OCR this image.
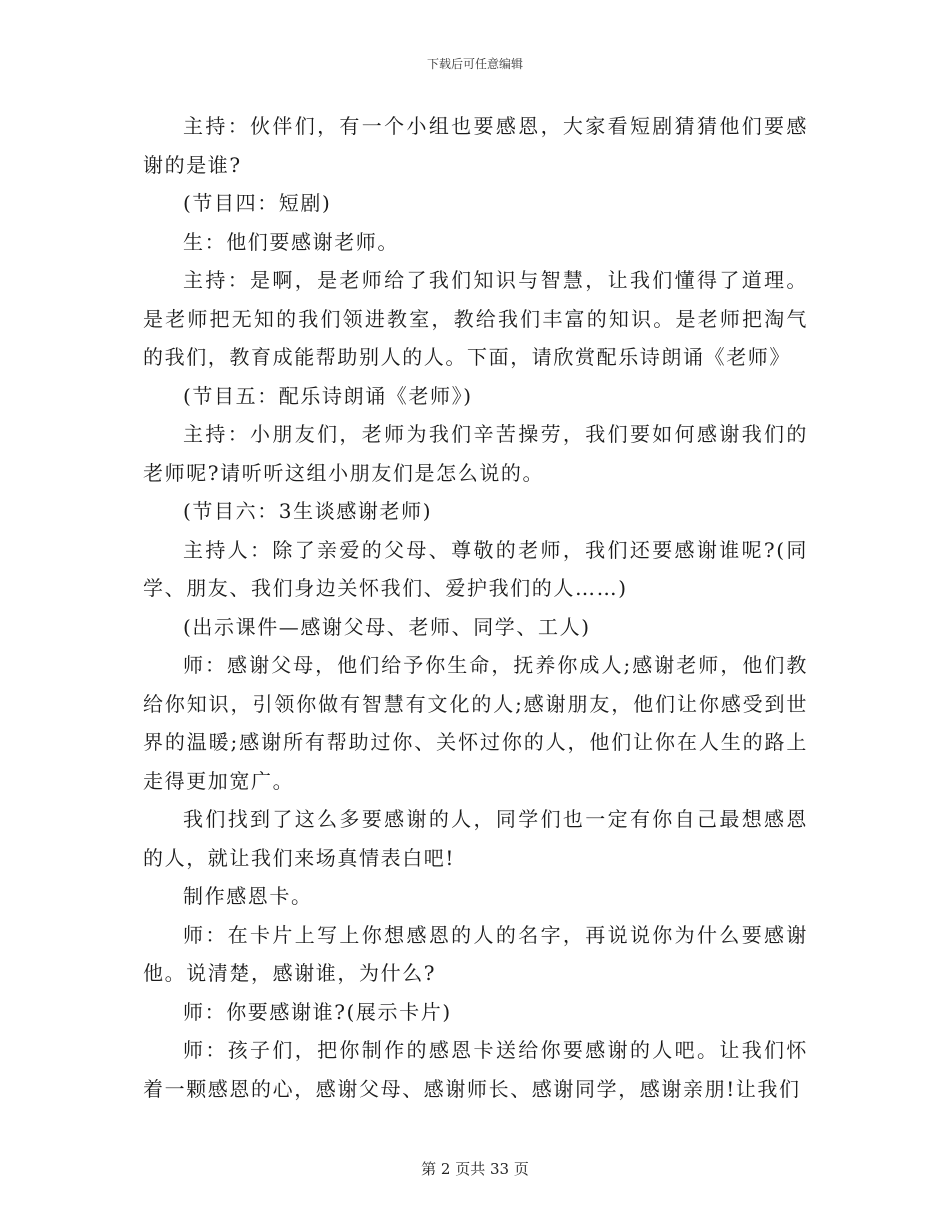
下载后可任意编辑

主持：伙伴们，有一个小组也要感恩，大家看短剧猜猜他们要感谢的是谁?

(节目四：短剧)

生：他们要感谢老师。

主持：是啊，是老师给了我们知识与智慧，让我们懂得了道理。是老师把无知的我们领进教室，教给我们丰富的知识。是老师把淘气的我们，教育成能帮助别人的人。下面，请欣赏配乐诗朗诵《老师》

(节目五：配乐诗朗诵《老师》)

主持：小朋友们，老师为我们辛苦操劳，我们要如何感谢我们的老师呢?请听听这组小朋友们是怎么说的。

(节目六：3生谈感谢老师)

主持人：除了亲爱的父母、尊敬的老师，我们还要感谢谁呢?(同学、朋友、我们身边关怀我们、爱护我们的人……)

(出示课件—感谢父母、老师、同学、工人)

师：感谢父母，他们给予你生命，抚养你成人;感谢老师，他们教给你知识，引领你做有智慧有文化的人;感谢朋友，他们让你感受到世界的温暖;感谢所有帮助过你、关怀过你的人，他们让你在人生的路上走得更加宽广。

我们找到了这么多要感谢的人，同学们也一定有你自己最想感恩的人，就让我们来场真情表白吧!

制作感恩卡。

师：在卡片上写上你想感恩的人的名字，再说说你为什么要感谢他。说清楚，感谢谁，为什么?

师：你要感谢谁?(展示卡片)

师：孩子们，把你制作的感恩卡送给你要感谢的人吧。让我们怀着一颗感恩的心，感谢父母、感谢师长、感谢同学，感谢亲朋!让我们

第 2 页共 33 页
